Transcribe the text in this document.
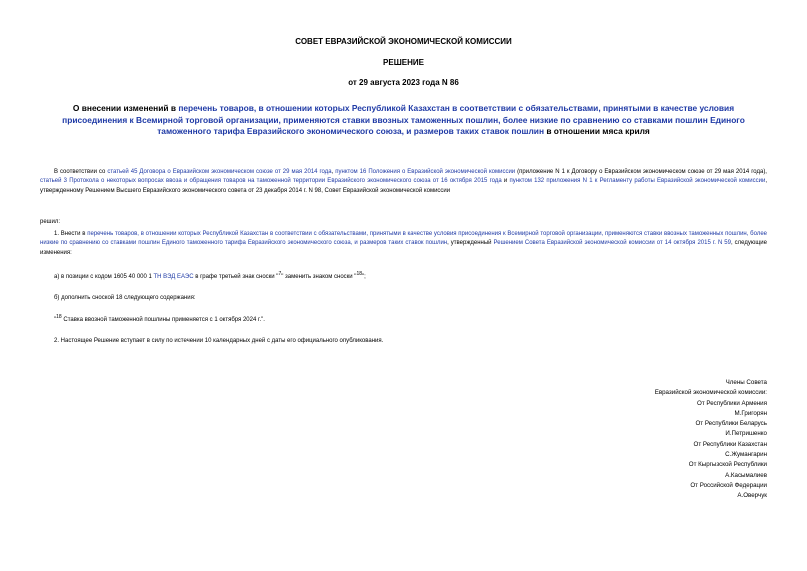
СОВЕТ ЕВРАЗИЙСКОЙ ЭКОНОМИЧЕСКОЙ КОМИССИИ
РЕШЕНИЕ
от 29 августа 2023 года N 86
О внесении изменений в перечень товаров, в отношении которых Республикой Казахстан в соответствии с обязательствами, принятыми в качестве условия присоединения к Всемирной торговой организации, применяются ставки ввозных таможенных пошлин, более низкие по сравнению со ставками пошлин Единого таможенного тарифа Евразийского экономического союза, и размеров таких ставок пошлин в отношении мяса криля
В соответствии со статьей 45 Договора о Евразийском экономическом союзе от 29 мая 2014 года, пунктом 16 Положения о Евразийской экономической комиссии (приложение N 1 к Договору о Евразийском экономическом союзе от 29 мая 2014 года), статьей 3 Протокола о некоторых вопросах ввоза и обращения товаров на таможенной территории Евразийского экономического союза от 16 октября 2015 года и пунктом 132 приложения N 1 к Регламенту работы Евразийской экономической комиссии, утвержденному Решением Высшего Евразийского экономического совета от 23 декабря 2014 г. N 98, Совет Евразийской экономической комиссии
решил:
1. Внести в перечень товаров, в отношении которых Республикой Казахстан в соответствии с обязательствами, принятыми в качестве условия присоединения к Всемирной торговой организации, применяются ставки ввозных таможенных пошлин, более низкие по сравнению со ставками пошлин Единого таможенного тарифа Евразийского экономического союза, и размеров таких ставок пошлин, утвержденный Решением Совета Евразийской экономической комиссии от 14 октября 2015 г. N 59, следующие изменения:
а) в позиции с кодом 1605 40 000 1 ТН ВЭД ЕАЭС в графе третьей знак сноски "$^7$" заменить знаком сноски "$^{18}$";
б) дополнить сноской 18 следующего содержания:
"$^{18}$ Ставка ввозной таможенной пошлины применяется с 1 октября 2024 г.".
2. Настоящее Решение вступает в силу по истечении 10 календарных дней с даты его официального опубликования.
Члены Совета
Евразийской экономической комиссии:
От Республики Армения
М.Григорян
От Республики Беларусь
И.Петришенко
От Республики Казахстан
С.Жумангарин
От Кыргызской Республики
А.Касымалиев
От Российской Федерации
А.Оверчук
